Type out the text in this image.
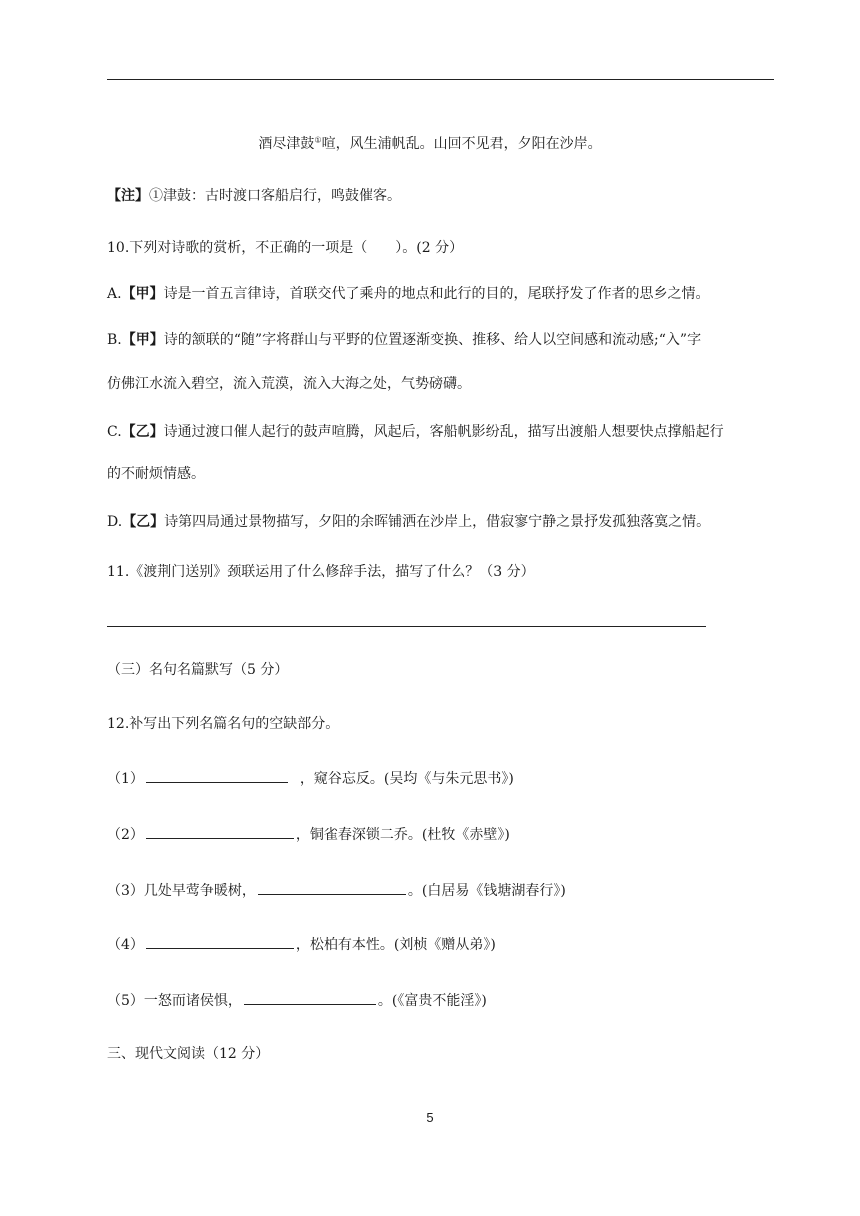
酒尽津鼓①喧，风生浦帆乱。山回不见君，夕阳在沙岸。
【注】①津鼓：古时渡口客船启行，鸣鼓催客。
10.下列对诗歌的赏析，不正确的一项是（　　）。(2 分）
A.【甲】诗是一首五言律诗，首联交代了乘舟的地点和此行的目的，尾联抒发了作者的思乡之情。
B.【甲】诗的颔联的“随”字将群山与平野的位置逐渐变换、推移、给人以空间感和流动感;“入”字
仿佛江水流入碧空，流入荒漠，流入大海之处，气势磅礴。
C.【乙】诗通过渡口催人起行的鼓声喧腾，风起后，客船帆影纷乱，描写出渡船人想要快点撑船起行
的不耐烦情感。
D.【乙】诗第四局通过景物描写，夕阳的余晖铺洒在沙岸上，借寂寥宁静之景抒发孤独落寞之情。
11.《渡荆门送别》颈联运用了什么修辞手法，描写了什么？（3 分）
（三）名句名篇默写（5 分）
12.补写出下列名篇名句的空缺部分。
（1）	，窥谷忘反。(吴均《与朱元思书》)
（2）	，铜雀春深锁二乔。(杜牧《赤壁》)
（3）几处早莺争暖树，	。(白居易《钱塘湖春行》)
（4）	，松柏有本性。(刘桢《赠从弟》)
（5）一怒而诸侯惧，	。(《富贵不能淫》)
三、现代文阅读（12 分）
5
